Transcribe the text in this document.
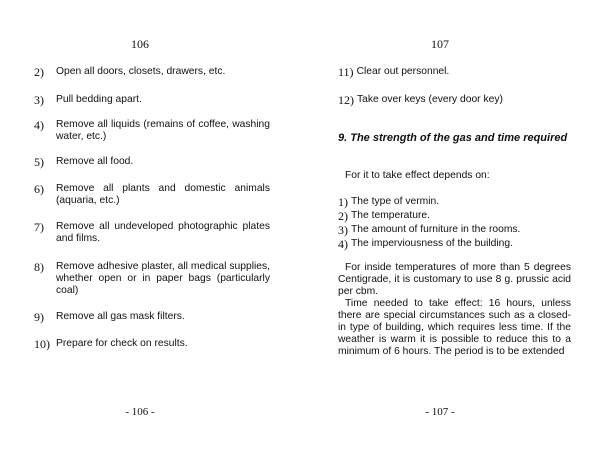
106
2)	Open all doors, closets, drawers, etc.
3)	Pull bedding apart.
4)	Remove all liquids (remains of coffee, washing water, etc.)
5)	Remove all food.
6)	Remove all plants and domestic animals (aquaria, etc.)
7)	Remove all undeveloped photographic plates and films.
8)	Remove adhesive plaster, all medical supplies, whether open or in paper bags (particularly coal)
9)	Remove all gas mask filters.
10) Prepare for check on results.
- 106 -
107
11) Clear out personnel.
12) Take over keys (every door key)
9. The strength of the gas and time required
For it to take effect depends on:
1) The type of vermin.
2) The temperature.
3) The amount of furniture in the rooms.
4) The imperviousness of the building.

For inside temperatures of more than 5 degrees Centigrade, it is customary to use 8 g. prussic acid per cbm.

Time needed to take effect: 16 hours, unless there are special circumstances such as a closed-in type of building, which requires less time. If the weather is warm it is possible to reduce this to a minimum of 6 hours. The period is to be extended

- 107 -
